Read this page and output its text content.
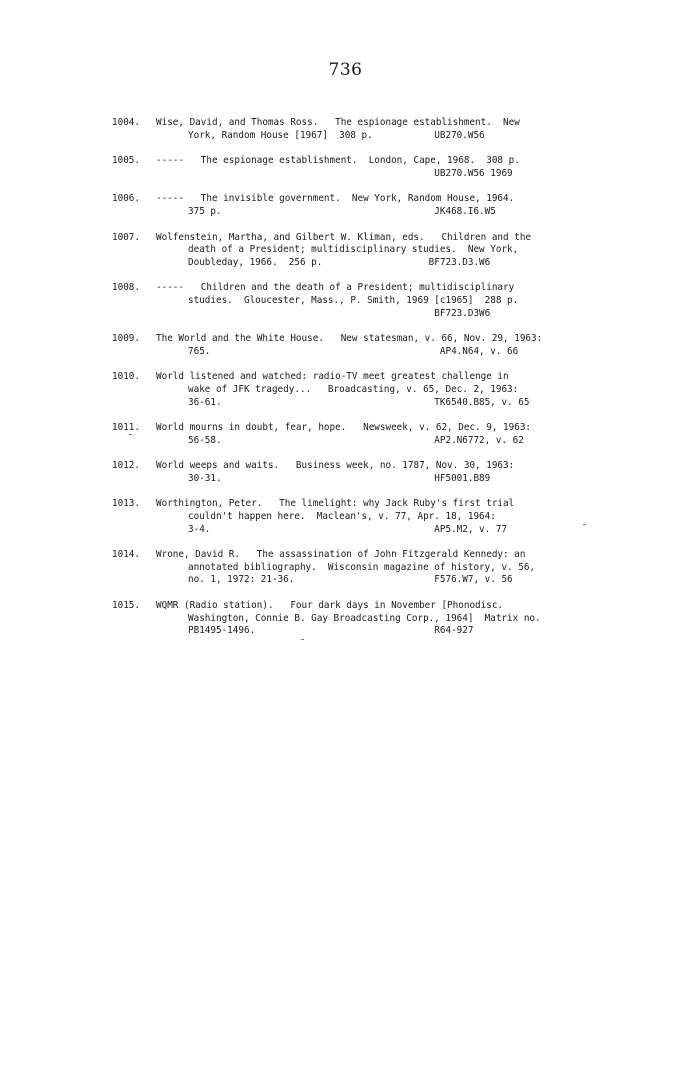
736
1004.	Wise, David, and Thomas Ross.   The espionage establishment.  New
York, Random House [1967]  308 p.           UB270.W56
1005.	-----   The espionage establishment.  London, Cape, 1968.  308 p.
UB270.W56 1969
1006.	-----   The invisible government.  New York, Random House, 1964.
375 p.                                      JK468.I6.W5
1007.	Wolfenstein, Martha, and Gilbert W. Kliman, eds.   Children and the
death of a President; multidisciplinary studies.  New York,
Doubleday, 1966.  256 p.                   BF723.D3.W6
1008.	-----   Children and the death of a President; multidisciplinary
studies.  Gloucester, Mass., P. Smith, 1969 [c1965]  288 p.
BF723.D3W6
1009.	The World and the White House.   New statesman, v. 66, Nov. 29, 1963:
765.                                         AP4.N64, v. 66
1010.	World listened and watched: radio-TV meet greatest challenge in
wake of JFK tragedy...   Broadcasting, v. 65, Dec. 2, 1963:
36-61.                                      TK6540.B85, v. 65
1011.	World mourns in doubt, fear, hope.   Newsweek, v. 62, Dec. 9, 1963:
56-58.                                      AP2.N6772, v. 62
1012.	World weeps and waits.   Business week, no. 1787, Nov. 30, 1963:
30-31.                                      HF5001.B89
1013.	Worthington, Peter.   The limelight: why Jack Ruby's first trial
couldn't happen here.  Maclean's, v. 77, Apr. 18, 1964:
3-4.                                        AP5.M2, v. 77
1014.	Wrone, David R.   The assassination of John Fitzgerald Kennedy: an
annotated bibliography.  Wisconsin magazine of history, v. 56,
no. 1, 1972: 21-36.                         F576.W7, v. 56
1015.	WQMR (Radio station).   Four dark days in November [Phonodisc.
Washington, Connie B. Gay Broadcasting Corp., 1964]  Matrix no.
PB1495-1496.                                R64-927
